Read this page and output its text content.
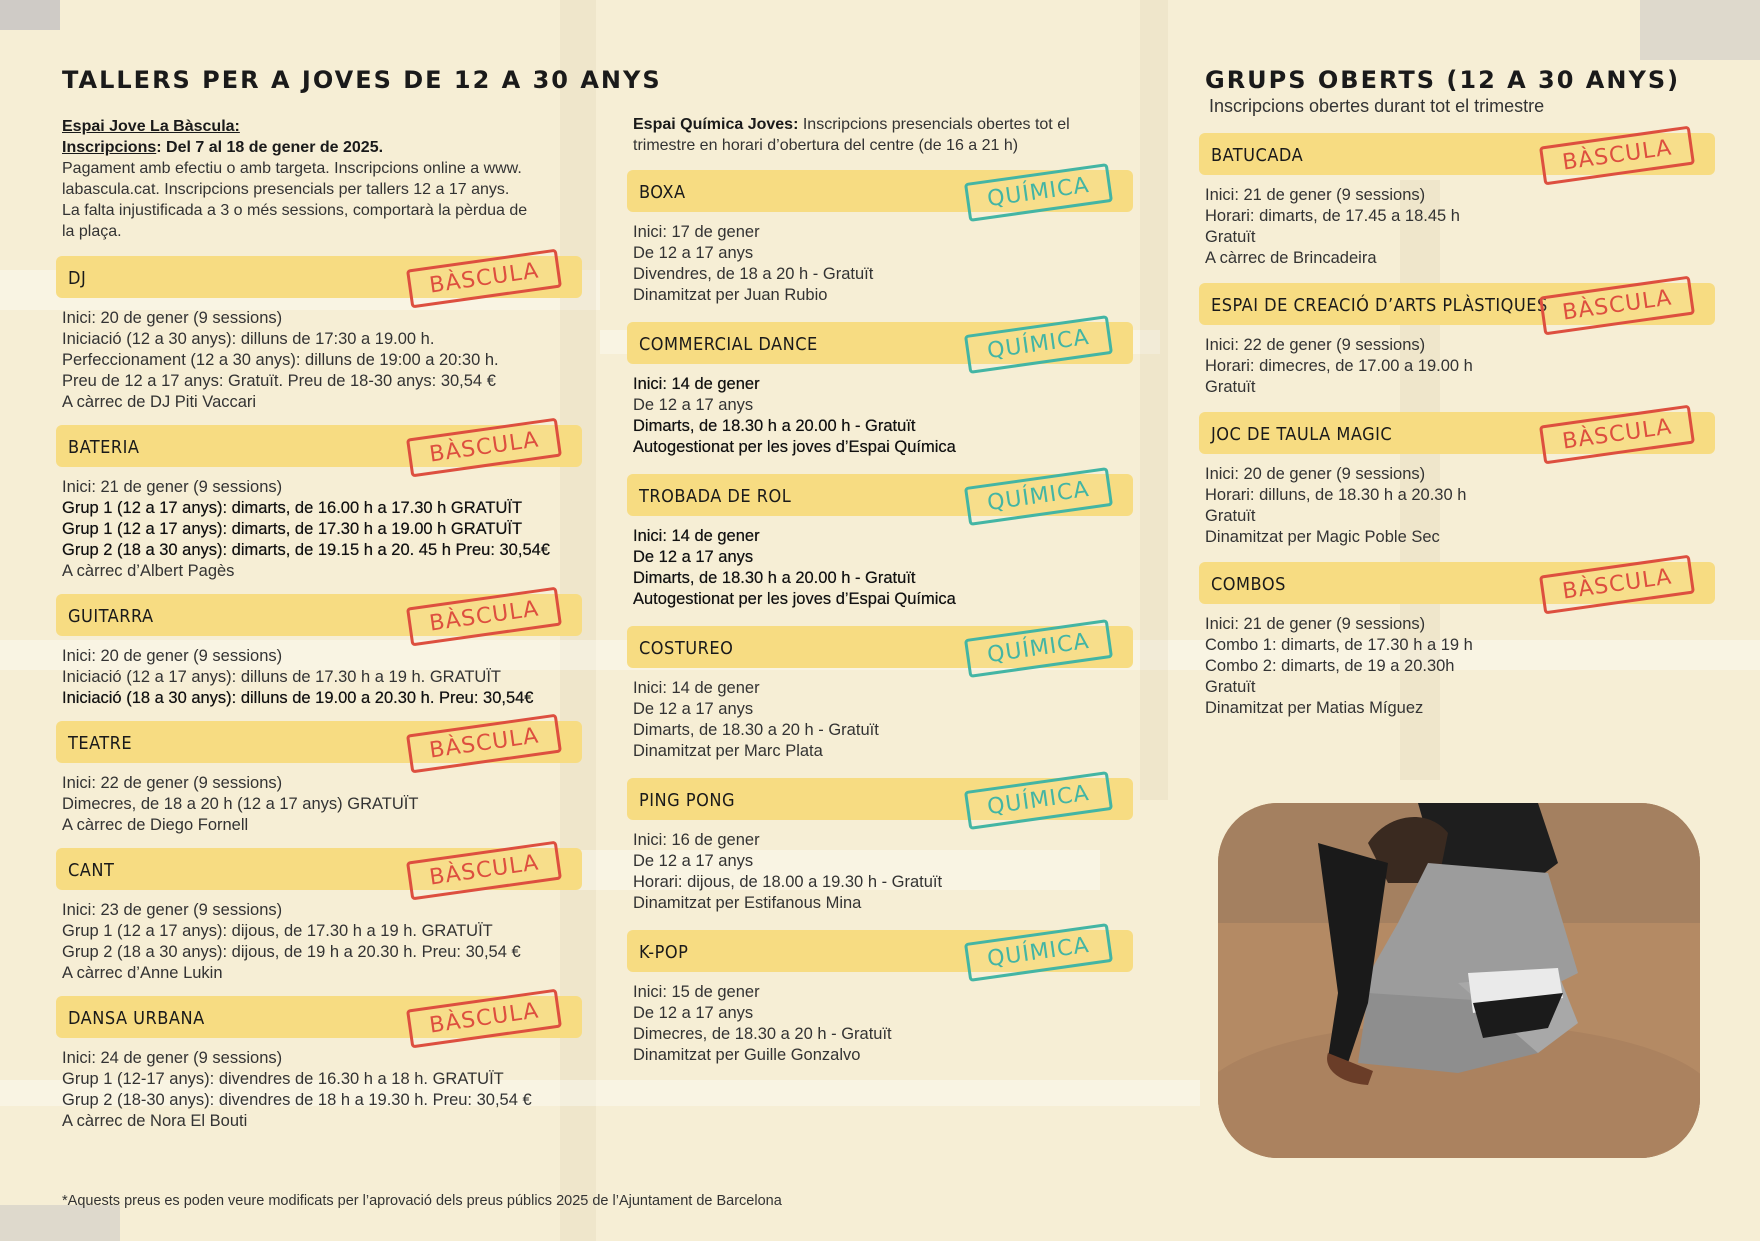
TALLERS PER A JOVES DE 12 A 30 ANYS
Espai Jove La Bàscula:
Inscripcions: Del 7 al 18 de gener de 2025.
Pagament amb efectiu o amb targeta. Inscripcions online a www.
labascula.cat. Inscripcions presencials per tallers 12 a 17 anys.
La falta injustificada a 3 o més sessions, comportarà la pèrdua de
la plaça.
DJ	BÀSCULA
Inici: 20 de gener (9 sessions)
Iniciació (12 a 30 anys): dilluns de 17:30 a 19.00 h.
Perfeccionament (12 a 30 anys): dilluns de 19:00 a 20:30 h.
Preu de 12 a 17 anys: Gratuït. Preu de 18-30 anys: 30,54 €
A càrrec de DJ Piti Vaccari
BATERIA	BÀSCULA
Inici: 21 de gener (9 sessions)
Grup 1 (12 a 17 anys): dimarts, de 16.00 h a 17.30 h GRATUÏT
Grup 1 (12 a 17 anys): dimarts, de 17.30 h a 19.00 h GRATUÏT
Grup 2 (18 a 30 anys): dimarts, de 19.15 h a 20. 45 h Preu: 30,54€
A càrrec d’Albert Pagès
GUITARRA	BÀSCULA
Inici: 20 de gener (9 sessions)
Iniciació (12 a 17 anys): dilluns de 17.30 h a 19 h. GRATUÏT
Iniciació (18 a 30 anys): dilluns de 19.00 a 20.30 h. Preu: 30,54€
TEATRE	BÀSCULA
Inici: 22 de gener (9 sessions)
Dimecres, de 18 a 20 h (12 a 17 anys) GRATUÏT
A càrrec de Diego Fornell
CANT	BÀSCULA
Inici: 23 de gener (9 sessions)
Grup 1 (12 a 17 anys): dijous, de 17.30 h a 19 h. GRATUÏT
Grup 2 (18 a 30 anys): dijous, de 19 h a 20.30 h. Preu: 30,54 €
A càrrec d’Anne Lukin
DANSA URBANA	BÀSCULA
Inici: 24 de gener (9 sessions)
Grup 1 (12-17 anys): divendres de 16.30 h a 18 h. GRATUÏT
Grup 2 (18-30 anys): divendres de 18 h a 19.30 h. Preu: 30,54 €
A càrrec de Nora El Bouti
Espai Química Joves: Inscripcions presencials obertes tot el
trimestre en horari d’obertura del centre (de 16 a 21 h)
BOXA	QUÍMICA
Inici: 17 de gener
De 12 a 17 anys
Divendres, de 18 a 20 h - Gratuït
Dinamitzat per Juan Rubio
COMMERCIAL DANCE	QUÍMICA
Inici: 14 de gener
De 12 a 17 anys
Dimarts, de 18.30 h a 20.00 h - Gratuït
Autogestionat per les joves d’Espai Química
TROBADA DE ROL	QUÍMICA
Inici: 14 de gener
De 12 a 17 anys
Dimarts, de 18.30 h a 20.00 h - Gratuït
Autogestionat per les joves d’Espai Química
COSTUREO	QUÍMICA
Inici: 14 de gener
De 12 a 17 anys
Dimarts, de 18.30 a 20 h - Gratuït
Dinamitzat per Marc Plata
PING PONG	QUÍMICA
Inici: 16 de gener
De 12 a 17 anys
Horari: dijous, de 18.00 a 19.30 h - Gratuït
Dinamitzat per Estifanous Mina
K-POP	QUÍMICA
Inici: 15 de gener
De 12 a 17 anys
Dimecres, de 18.30 a 20 h - Gratuït
Dinamitzat per Guille Gonzalvo
GRUPS OBERTS (12 A 30 ANYS)
Inscripcions obertes durant tot el trimestre
BATUCADA	BÀSCULA
Inici: 21 de gener (9 sessions)
Horari: dimarts, de 17.45 a 18.45 h
Gratuït
A càrrec de Brincadeira
ESPAI DE CREACIÓ D’ARTS PLÀSTIQUES BÀSCULA
Inici: 22 de gener (9 sessions)
Horari: dimecres, de 17.00 a 19.00 h
Gratuït
JOC DE TAULA MAGIC	BÀSCULA
Inici: 20 de gener (9 sessions)
Horari: dilluns, de 18.30 h a 20.30 h
Gratuït
Dinamitzat per Magic Poble Sec
COMBOS	BÀSCULA
Inici: 21 de gener (9 sessions)
Combo 1: dimarts, de 17.30 h a 19 h
Combo 2: dimarts, de 19 a 20.30h
Gratuït
Dinamitzat per Matias Míguez
*Aquests preus es poden veure modificats per l’aprovació dels preus públics 2025 de l’Ajuntament de Barcelona
